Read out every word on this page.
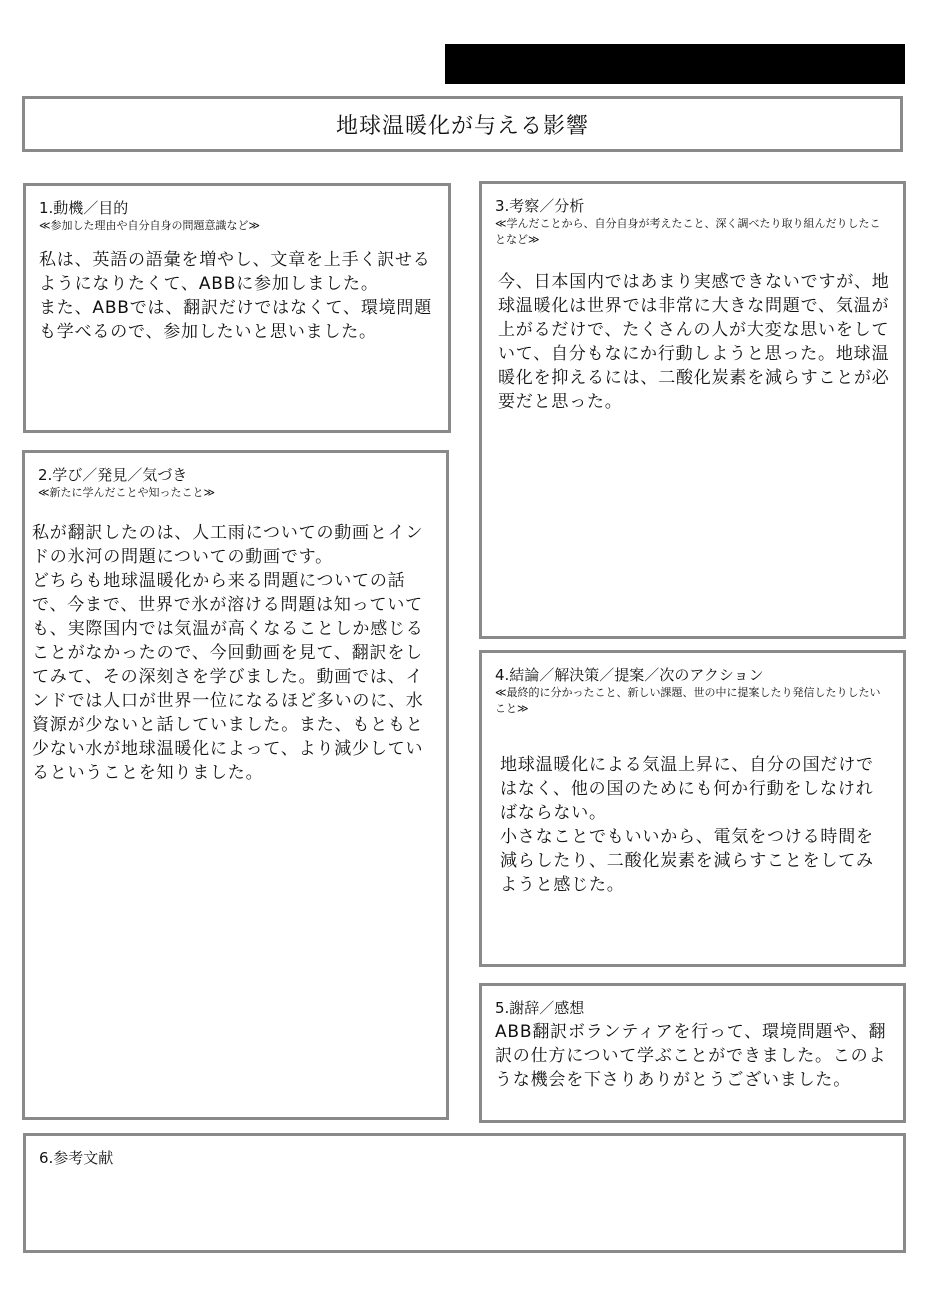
地球温暖化が与える影響
1.動機／目的
≪参加した理由や自分自身の問題意識など≫
私は、英語の語彙を増やし、文章を上手く訳せるようになりたくて、ABBに参加しました。
また、ABBでは、翻訳だけではなくて、環境問題も学べるので、参加したいと思いました。
2.学び／発見／気づき
≪新たに学んだことや知ったこと≫
私が翻訳したのは、人工雨についての動画とインドの氷河の問題についての動画です。
どちらも地球温暖化から来る問題についての話で、今まで、世界で氷が溶ける問題は知っていても、実際国内では気温が高くなることしか感じることがなかったので、今回動画を見て、翻訳をしてみて、その深刻さを学びました。動画では、インドでは人口が世界一位になるほど多いのに、水資源が少ないと話していました。また、もともと少ない水が地球温暖化によって、より減少しているということを知りました。
3.考察／分析
≪学んだことから、自分自身が考えたこと、深く調べたり取り組んだりしたことなど≫
今、日本国内ではあまり実感できないですが、地球温暖化は世界では非常に大きな問題で、気温が上がるだけで、たくさんの人が大変な思いをしていて、自分もなにか行動しようと思った。地球温暖化を抑えるには、二酸化炭素を減らすことが必要だと思った。
4.結論／解決策／提案／次のアクション
≪最終的に分かったこと、新しい課題、世の中に提案したり発信したりしたいこと≫
地球温暖化による気温上昇に、自分の国だけではなく、他の国のためにも何か行動をしなければならない。
小さなことでもいいから、電気をつける時間を減らしたり、二酸化炭素を減らすことをしてみようと感じた。
5.謝辞／感想
ABB翻訳ボランティアを行って、環境問題や、翻訳の仕方について学ぶことができました。このような機会を下さりありがとうございました。
6.参考文献
